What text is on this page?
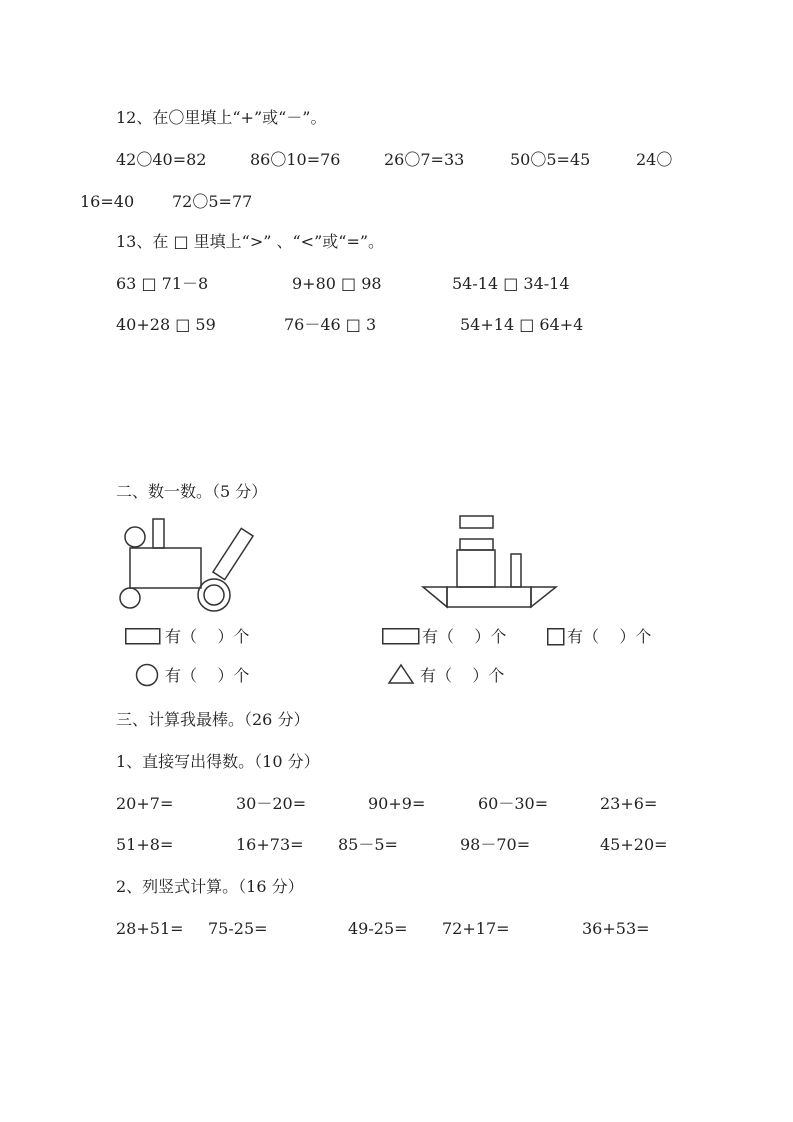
12、在〇里填上“+”或“－”。
42〇40=82	86〇10=76	26〇7=33	50〇5=45	24〇
16=40 72〇5=77
13、在 □ 里填上“>” 、“<”或“=”。
63 □ 71－8	9+80 □ 98	54-14 □ 34-14
40+28 □ 59	76－46 □ 3	54+14 □ 64+4
二、数一数。（5 分）
有（    ）个
有（    ）个
有（    ）个	有（    ）个
有（    ）个
三、计算我最棒。（26 分）
1、直接写出得数。（10 分）
20+7=	30－20=	90+9=	60－30=	23+6=
51+8=	16+73= 85－5=	98－70=	45+20=
2、列竖式计算。（16 分）
28+51= 75-25=	49-25= 72+17=	36+53=
